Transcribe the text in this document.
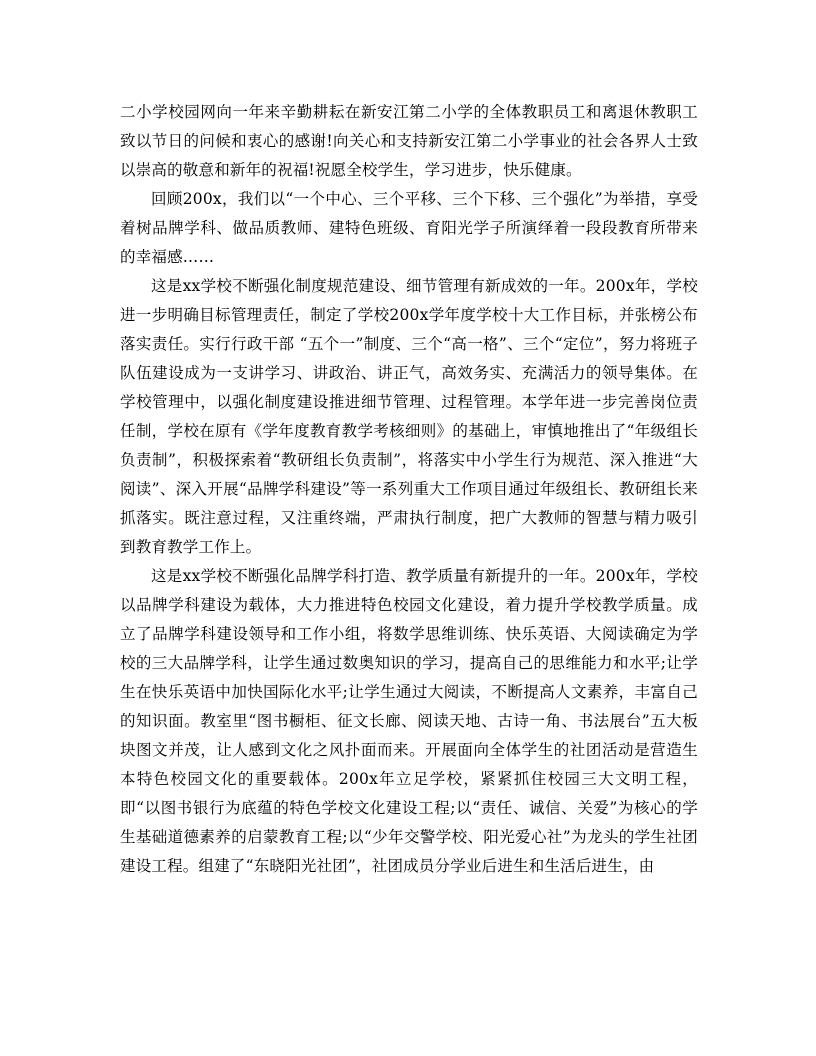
二小学校园网向一年来辛勤耕耘在新安江第二小学的全体教职员工和离退休教职工致以节日的问候和衷心的感谢!向关心和支持新安江第二小学事业的社会各界人士致以崇高的敬意和新年的祝福!祝愿全校学生，学习进步，快乐健康。

回顾200x，我们以“一个中心、三个平移、三个下移、三个强化”为举措，享受着树品牌学科、做品质教师、建特色班级、育阳光学子所演绎着一段段教育所带来的幸福感……

这是xx学校不断强化制度规范建设、细节管理有新成效的一年。200x年，学校进一步明确目标管理责任，制定了学校200x学年度学校十大工作目标，并张榜公布落实责任。实行行政干部 “五个一”制度、三个“高一格”、三个“定位”，努力将班子队伍建设成为一支讲学习、讲政治、讲正气，高效务实、充满活力的领导集体。在学校管理中，以强化制度建设推进细节管理、过程管理。本学年进一步完善岗位责任制，学校在原有《学年度教育教学考核细则》的基础上，审慎地推出了“年级组长负责制”，积极探索着“教研组长负责制”，将落实中小学生行为规范、深入推进“大阅读”、深入开展“品牌学科建设”等一系列重大工作项目通过年级组长、教研组长来抓落实。既注意过程，又注重终端，严肃执行制度，把广大教师的智慧与精力吸引到教育教学工作上。

这是xx学校不断强化品牌学科打造、教学质量有新提升的一年。200x年，学校以品牌学科建设为载体，大力推进特色校园文化建设，着力提升学校教学质量。成立了品牌学科建设领导和工作小组，将数学思维训练、快乐英语、大阅读确定为学校的三大品牌学科，让学生通过数奥知识的学习，提高自己的思维能力和水平;让学生在快乐英语中加快国际化水平;让学生通过大阅读，不断提高人文素养，丰富自己的知识面。教室里“图书橱柜、征文长廊、阅读天地、古诗一角、书法展台”五大板块图文并茂，让人感到文化之风扑面而来。开展面向全体学生的社团活动是营造生本特色校园文化的重要载体。200x年立足学校，紧紧抓住校园三大文明工程，即“以图书银行为底蕴的特色学校文化建设工程;以“责任、诚信、关爱”为核心的学生基础道德素养的启蒙教育工程;以“少年交警学校、阳光爱心社”为龙头的学生社团建设工程。组建了“东晓阳光社团”，社团成员分学业后进生和生活后进生，由
